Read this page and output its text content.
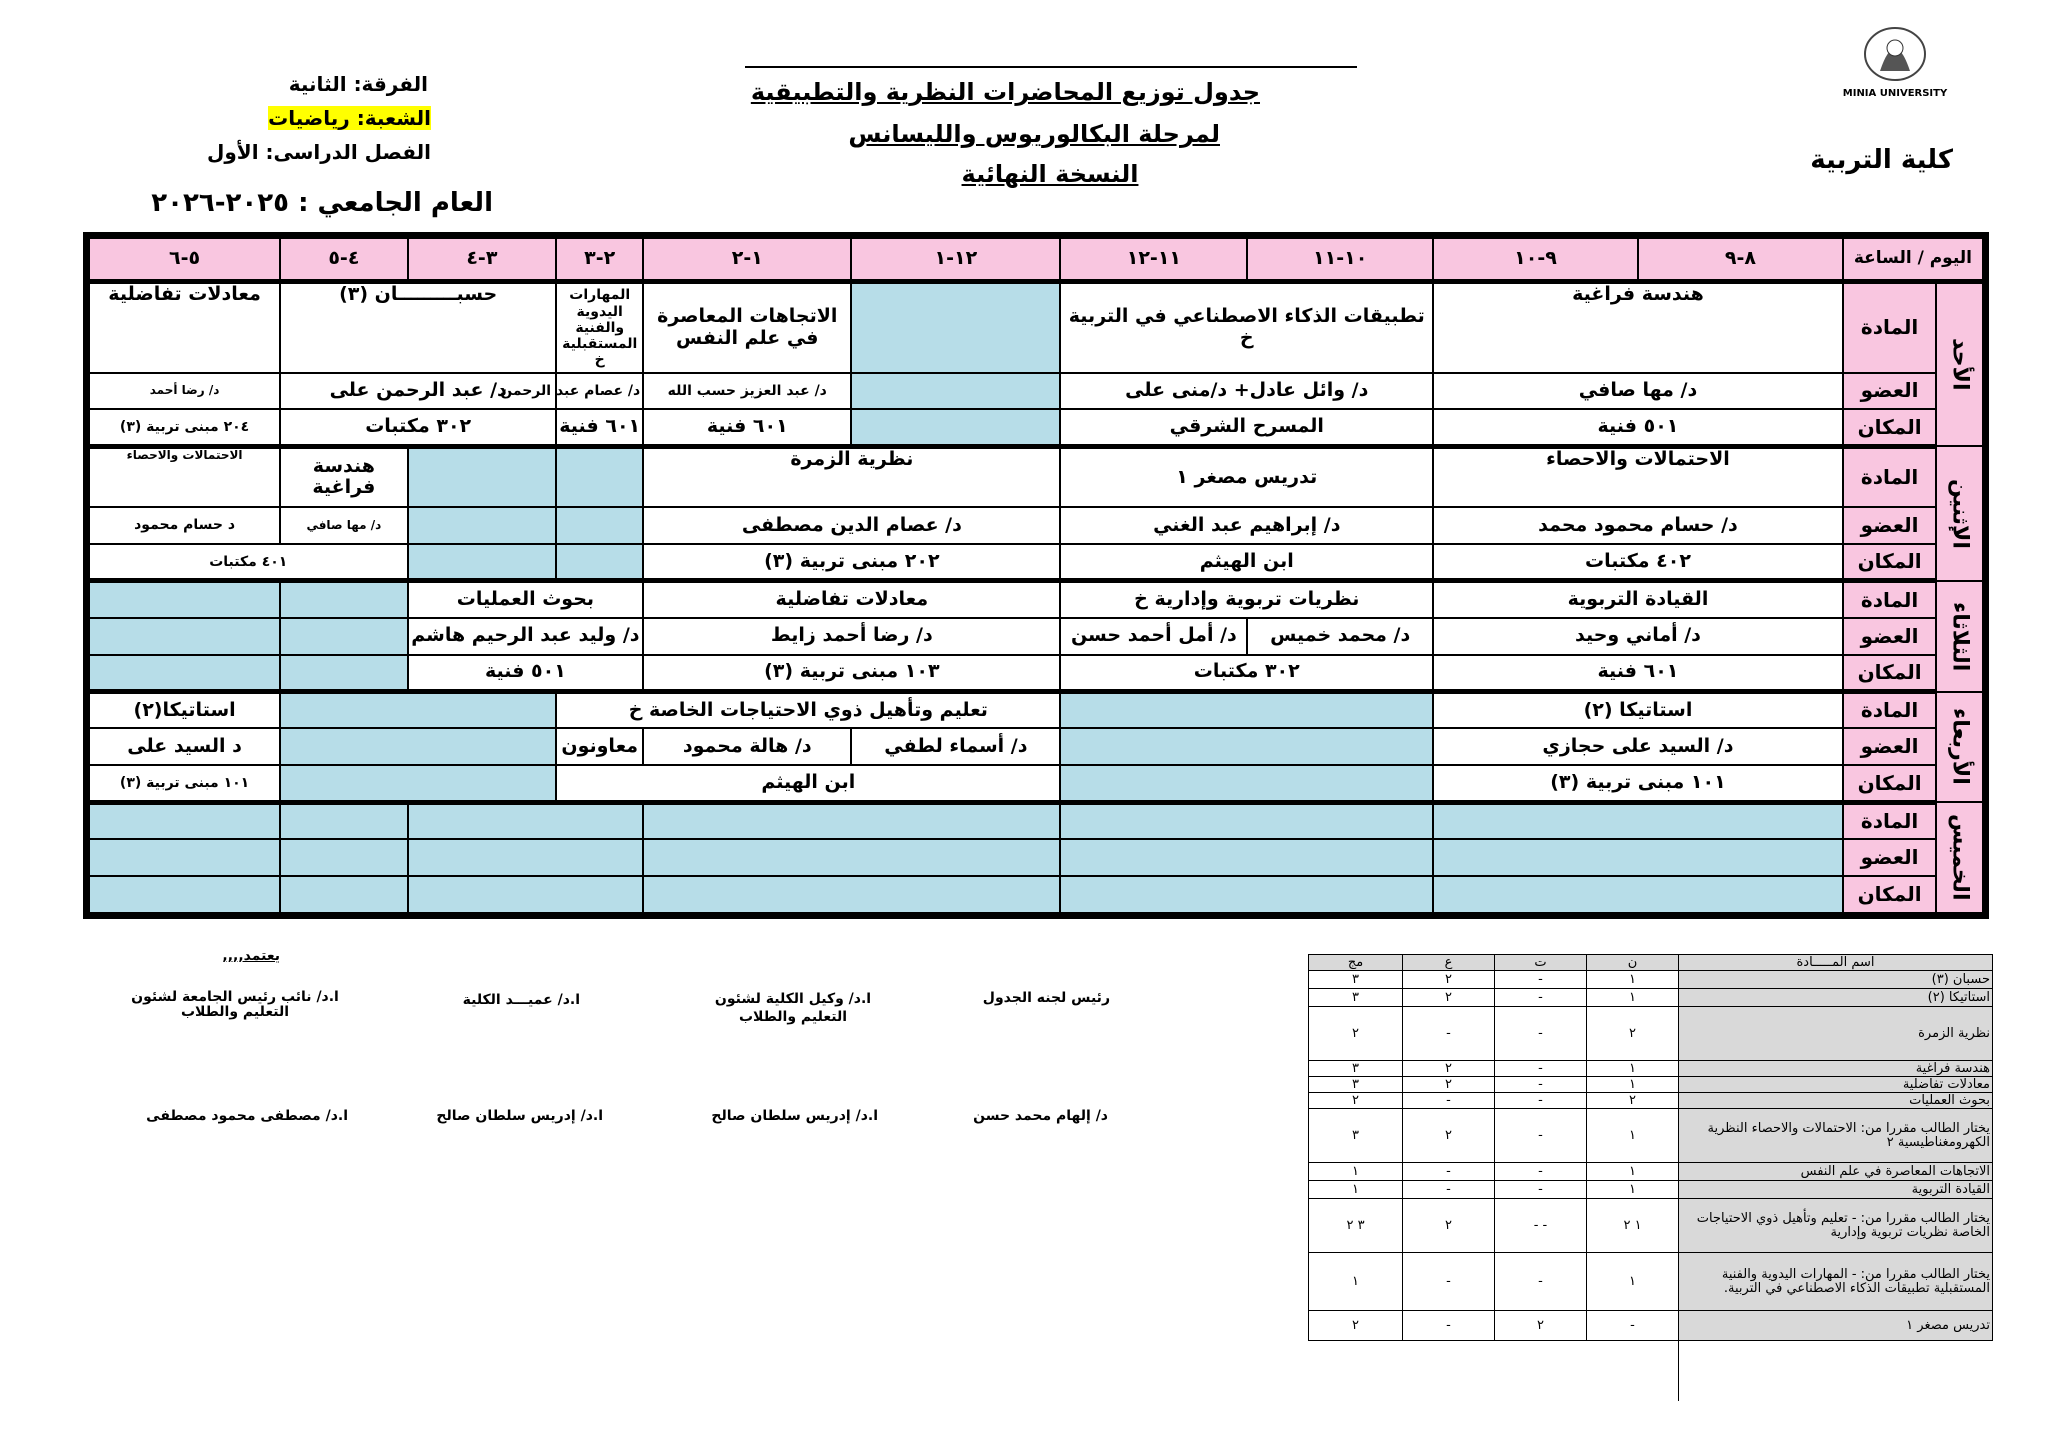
MINIA UNIVERSITY
كلية التربية
جدول توزيع المحاضرات النظرية والتطبيقية
لمرحلة البكالوريوس والليسانس
النسخة النهائية
الفرقة: الثانية
الشعبة: رياضيات
الفصل الدراسى: الأول
العام الجامعي : ٢٠٢٥-٢٠٢٦
اليوم / الساعة		٨-٩	٩-١٠	١٠-١١	١١-١٢	١٢-١	١-٢	٢-٣	٣-٤	٤-٥	٥-٦
الأحد	المادة	هندسة فراغية		تطبيقات الذكاء الاصطناعي في التربية خ			الاتجاهات المعاصرة في علم النفس	المهارات اليدوية والفنية المستقبلية خ	حسبـــــــــان (٣)		معادلات تفاضلية
	العضو	د/ مها صافي		د/ وائل عادل+ د/منى على			د/ عبد العزيز حسب الله	د/ عصام عبد الرحمن	د/ عبد الرحمن على		د/ رضا أحمد
	المكان	٥٠١ فنية		المسرح الشرقي			٦٠١ فنية	٦٠١ فنية	٣٠٢ مكتبات		٢٠٤ مبنى تربية (٣)
الإثنين	المادة	الاحتمالات والاحصاء		تدريس مصغر ١		نظرية الزمرة				هندسة فراغية	الاحتمالات والاحصاء
	العضو	د/ حسام محمود محمد		د/ إبراهيم عبد الغني		د/ عصام الدين مصطفى				د/ مها صافي	د حسام محمود
	المكان	٤٠٢ مكتبات		ابن الهيثم		٢٠٢ مبنى تربية (٣)				٤٠١ مكتبات	
الثلاثاء	المادة	القيادة التربوية		نظريات تربوية وإدارية خ		معادلات تفاضلية		بحوث العمليات			
	العضو	د/ أماني وحيد		د/ محمد خميس	د/ أمل أحمد حسن	د/ رضا أحمد زايط		د/ وليد عبد الرحيم هاشم			
	المكان	٦٠١ فنية		٣٠٢ مكتبات		١٠٣ مبنى تربية (٣)		٥٠١ فنية			
الأربعاء	المادة	استاتيكا (٢)				تعليم وتأهيل ذوي الاحتياجات الخاصة خ					استاتيكا(٢)
	العضو	د/ السيد على حجازي				د/ أسماء لطفي	د/ هالة محمود	معاونون			د السيد على
	المكان	١٠١ مبنى تربية (٣)				ابن الهيثم					١٠١ مبنى تربية (٣)
الخميس	المادة										
	العضو										
	المكان										
اسم المـــــادة	ن	ت	ع	مج
حسبان (٣)	١	-	٢	٣
استاتيكا (٢)	١	-	٢	٣
نظرية الزمرة	٢	-	-	٢
هندسة فراغية	١	-	٢	٣
معادلات تفاضلية	١	-	٢	٣
بحوث العمليات	٢	-	-	٢
يختار الطالب مقررا من: الاحتمالات والاحصاء النظرية الكهرومغناطيسية ٢	١	-	٢	٣
الاتجاهات المعاصرة في علم النفس	١	-	-	١
القيادة التربوية	١	-	-	١
يختار الطالب مقررا من: - تعليم وتأهيل ذوي الاحتياجات الخاصة نظريات تربوية وإدارية	١ ٢	- -	٢	٣ ٢
يختار الطالب مقررا من: - المهارات اليدوية والفنية المستقبلية تطبيقات الذكاء الاصطناعي في التربية.	١	-	-	١
تدريس مصغر ١	-	٢	-	٢

يعتمد,,,,
رئيس لجنه الجدول
د/ إلهام محمد حسن
ا.د/ وكيل الكلية لشئون التعليم والطلاب
ا.د/ إدريس سلطان صالح
ا.د/ عميـــد الكلية
ا.د/ إدريس سلطان صالح
ا.د/ نائب رئيس الجامعة لشئون التعليم والطلاب
ا.د/ مصطفى محمود مصطفى
